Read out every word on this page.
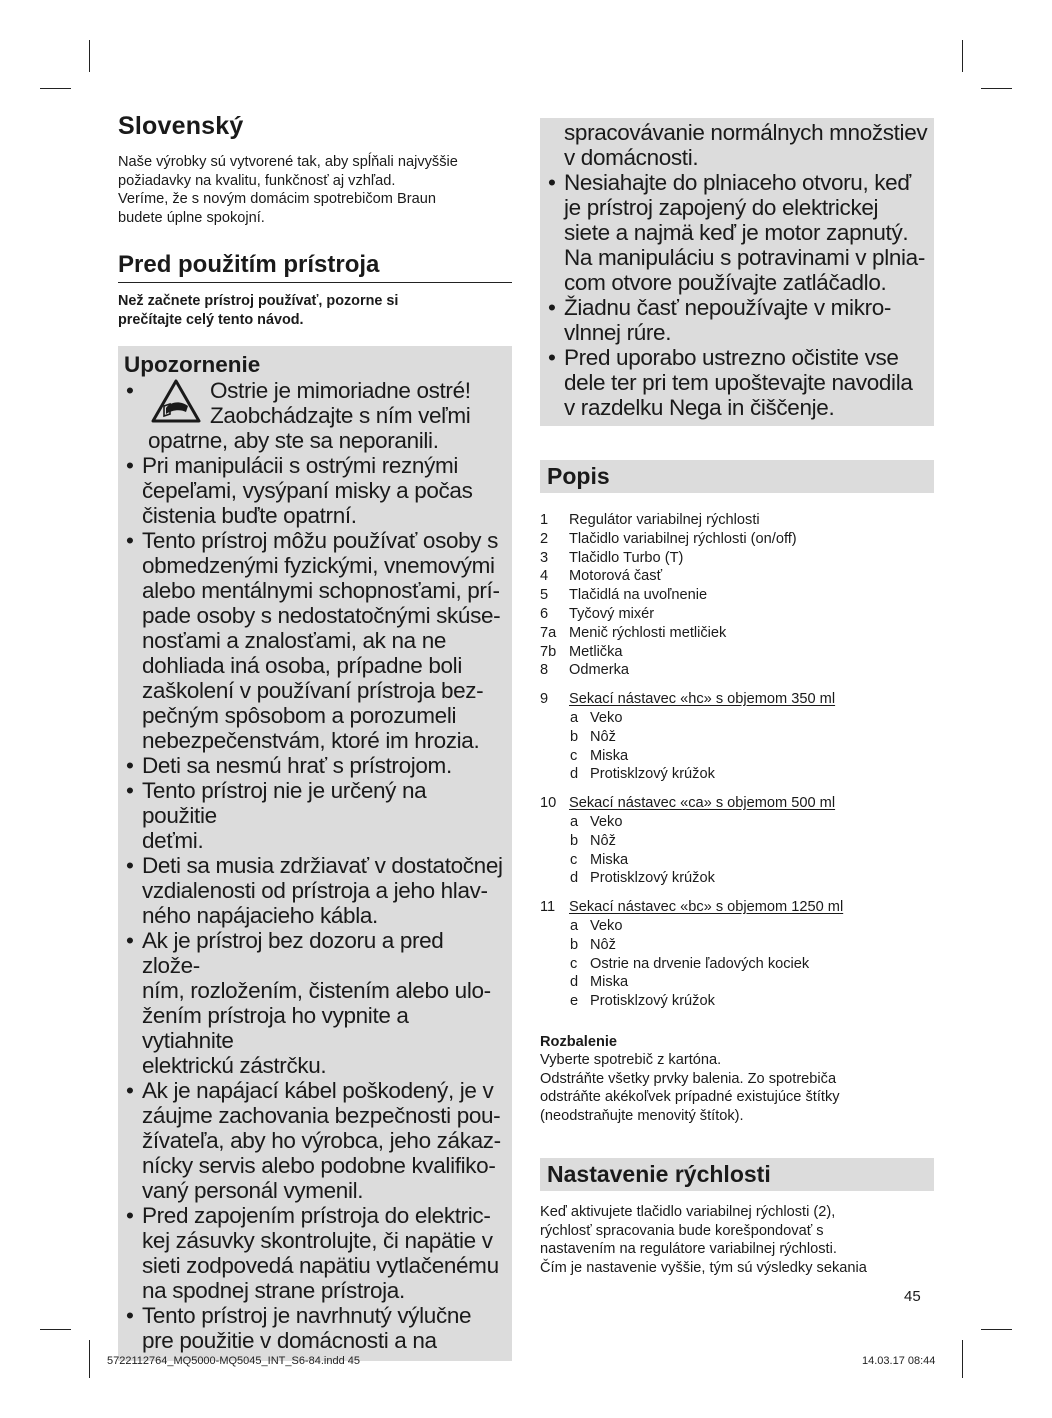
Slovenský

Naše výrobky sú vytvorené tak, aby spĺňali najvyššie
požiadavky na kvalitu, funkčnosť aj vzhľad.
Veríme, že s novým domácim spotrebičom Braun
budete úplne spokojní.

Pred použitím prístroja

Než začnete prístroj používať, pozorne si
prečítajte celý tento návod.

Upozornenie
•	Ostrie je mimoriadne ostré!
Zaobchádzajte s ním veľmi
opatrne, aby ste sa neporanili.
• Pri manipulácii s ostrými reznými
čepeľami, vysýpaní misky a počas
čistenia buďte opatrní.
• Tento prístroj môžu používať osoby s
obmedzenými fyzickými, vnemovými
alebo mentálnymi schopnosťami, prí-
pade osoby s nedostatočnými skúse-
nosťami a znalosťami, ak na ne
dohliada iná osoba, prípadne boli
zaškolení v používaní prístroja bez-
pečným spôsobom a porozumeli
nebezpečenstvám, ktoré im hrozia.
• Deti sa nesmú hrať s prístrojom.
• Tento prístroj nie je určený na použitie
deťmi.
• Deti sa musia zdržiavať v dostatočnej
vzdialenosti od prístroja a jeho hlav-
ného napájacieho kábla.
• Ak je prístroj bez dozoru a pred zlože-
ním, rozložením, čistením alebo ulo-
žením prístroja ho vypnite a vytiahnite
elektrickú zástrčku.
• Ak je napájací kábel poškodený, je v
záujme zachovania bezpečnosti pou-
žívateľa, aby ho výrobca, jeho zákaz-
nícky servis alebo podobne kvalifiko-
vaný personál vymenil.
• Pred zapojením prístroja do elektric-
kej zásuvky skontrolujte, či napätie v
sieti zodpovedá napätiu vytlačenému
na spodnej strane prístroja.
• Tento prístroj je navrhnutý výlučne
pre použitie v domácnosti a na
spracovávanie normálnych množstiev
v domácnosti.
• Nesiahajte do plniaceho otvoru, keď
je prístroj zapojený do elektrickej
siete a najmä keď je motor zapnutý.
Na manipuláciu s potravinami v plnia-
com otvore používajte zatláčadlo.
• Žiadnu časť nepoužívajte v mikro-
vlnnej rúre.
• Pred uporabo ustrezno očistite vse
dele ter pri tem upoštevajte navodila
v razdelku Nega in čiščenje.
Popis
1	Regulátor variabilnej rýchlosti
2	Tlačidlo variabilnej rýchlosti (on/off)
3	Tlačidlo Turbo (T)
4	Motorová časť
5	Tlačidlá na uvoľnenie
6	Tyčový mixér
7a Menič rýchlosti metličiek
7b Metlička
8	Odmerka
9	Sekací nástavec «hc» s objemom 350 ml
a Veko
b Nôž
c Miska
d Protisklzový krúžok
10 Sekací nástavec «ca» s objemom 500 ml
a Veko
b Nôž
c Miska
d Protisklzový krúžok
11 Sekací nástavec «bc» s objemom 1250 ml
a Veko
b Nôž
c Ostrie na drvenie ľadových kociek
d Miska
e Protisklzový krúžok
Rozbalenie
Vyberte spotrebič z kartóna.
Odstráňte všetky prvky balenia. Zo spotrebiča
odstráňte akékoľvek prípadné existujúce štítky
(neodstraňujte menovitý štítok).
Nastavenie rýchlosti
Keď aktivujete tlačidlo variabilnej rýchlosti (2),
rýchlosť spracovania bude korešpondovať s
nastavením na regulátore variabilnej rýchlosti.
Čím je nastavenie vyššie, tým sú výsledky sekania
45
5722112764_MQ5000-MQ5045_INT_S6-84.indd 45	14.03.17 08:44
